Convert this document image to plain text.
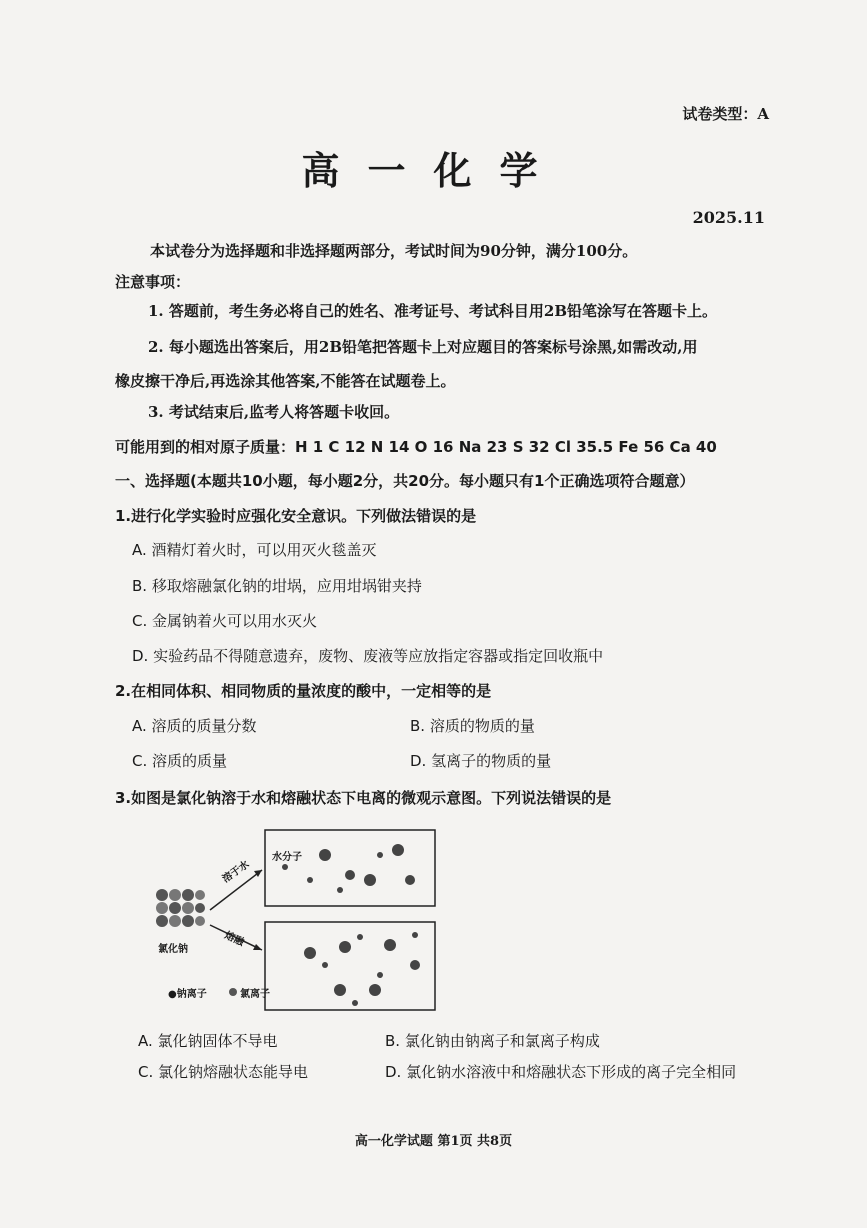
试卷类型：A
高一化学
2025.11
本试卷分为选择题和非选择题两部分，考试时间为90分钟，满分100分。
注意事项：
1. 答题前，考生务必将自己的姓名、准考证号、考试科目用2B铅笔涂写在答题卡上。
2. 每小题选出答案后，用2B铅笔把答题卡上对应题目的答案标号涂黑,如需改动,用
橡皮擦干净后,再选涂其他答案,不能答在试题卷上。
3. 考试结束后,监考人将答题卡收回。
可能用到的相对原子质量：H 1 C 12 N 14 O 16 Na 23 S 32 Cl 35.5 Fe 56 Ca 40
一、选择题(本题共10小题，每小题2分，共20分。每小题只有1个正确选项符合题意）
1.进行化学实验时应强化安全意识。下列做法错误的是
A. 酒精灯着火时，可以用灭火毯盖灭
B. 移取熔融氯化钠的坩埚，应用坩埚钳夹持
C. 金属钠着火可以用水灭火
D. 实验药品不得随意遗弃，废物、废液等应放指定容器或指定回收瓶中
2.在相同体积、相同物质的量浓度的酸中，一定相等的是
A. 溶质的质量分数	B. 溶质的物质的量
C. 溶质的质量	D. 氢离子的物质的量
3.如图是氯化钠溶于水和熔融状态下电离的微观示意图。下列说法错误的是
水分子
溶于水
熔融
氯化钠
●钠离子	氯离子
A. 氯化钠固体不导电	B. 氯化钠由钠离子和氯离子构成
C. 氯化钠熔融状态能导电	D. 氯化钠水溶液中和熔融状态下形成的离子完全相同
高一化学试题 第1页 共8页
